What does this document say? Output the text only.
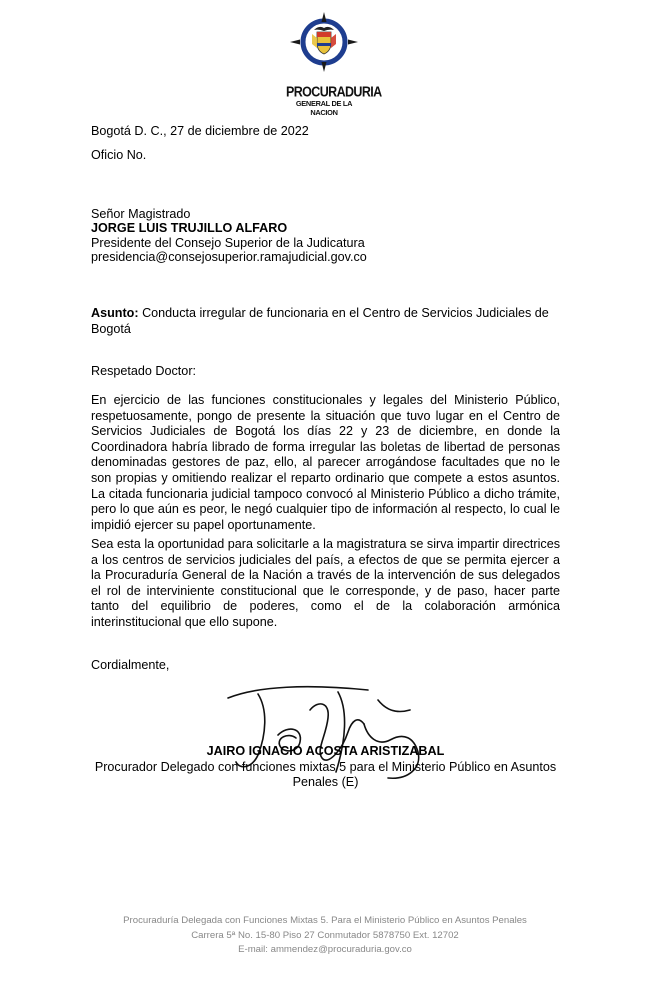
PROCURADURIA
GENERAL DE LA NACION
Bogotá D. C., 27 de diciembre de 2022
Oficio No.
Señor Magistrado
JORGE LUIS TRUJILLO ALFARO
Presidente del Consejo Superior de la Judicatura
presidencia@consejosuperior.ramajudicial.gov.co
Asunto: Conducta irregular de funcionaria en el Centro de Servicios Judiciales de Bogotá
Respetado Doctor:
En ejercicio de las funciones constitucionales y legales del Ministerio Público, respetuosamente, pongo de presente la situación que tuvo lugar en el Centro de Servicios Judiciales de Bogotá los días 22 y 23 de diciembre, en donde la Coordinadora habría librado de forma irregular las boletas de libertad de personas denominadas gestores de paz, ello, al parecer arrogándose facultades que no le son propias y omitiendo realizar el reparto ordinario que compete a estos asuntos. La citada funcionaria judicial tampoco convocó al Ministerio Público a dicho trámite, pero lo que aún es peor, le negó cualquier tipo de información al respecto, lo cual le impidió ejercer su papel oportunamente.
Sea esta la oportunidad para solicitarle a la magistratura se sirva impartir directrices a los centros de servicios judiciales del país, a efectos de que se permita ejercer a la Procuraduría General de la Nación a través de la intervención de sus delegados el rol de interviniente constitucional que le corresponde, y de paso, hacer parte tanto del equilibrio de poderes, como el de la colaboración armónica interinstitucional que ello supone.
Cordialmente,
JAIRO IGNACIO ACOSTA ARISTIZABAL
Procurador Delegado con funciones mixtas 5 para el Ministerio Público en Asuntos
Penales (E)
Procuraduría Delegada con Funciones Mixtas 5. Para el Ministerio Público en Asuntos Penales
Carrera 5ª No. 15-80 Piso 27 Conmutador 5878750 Ext. 12702
E-mail: ammendez@procuraduria.gov.co
